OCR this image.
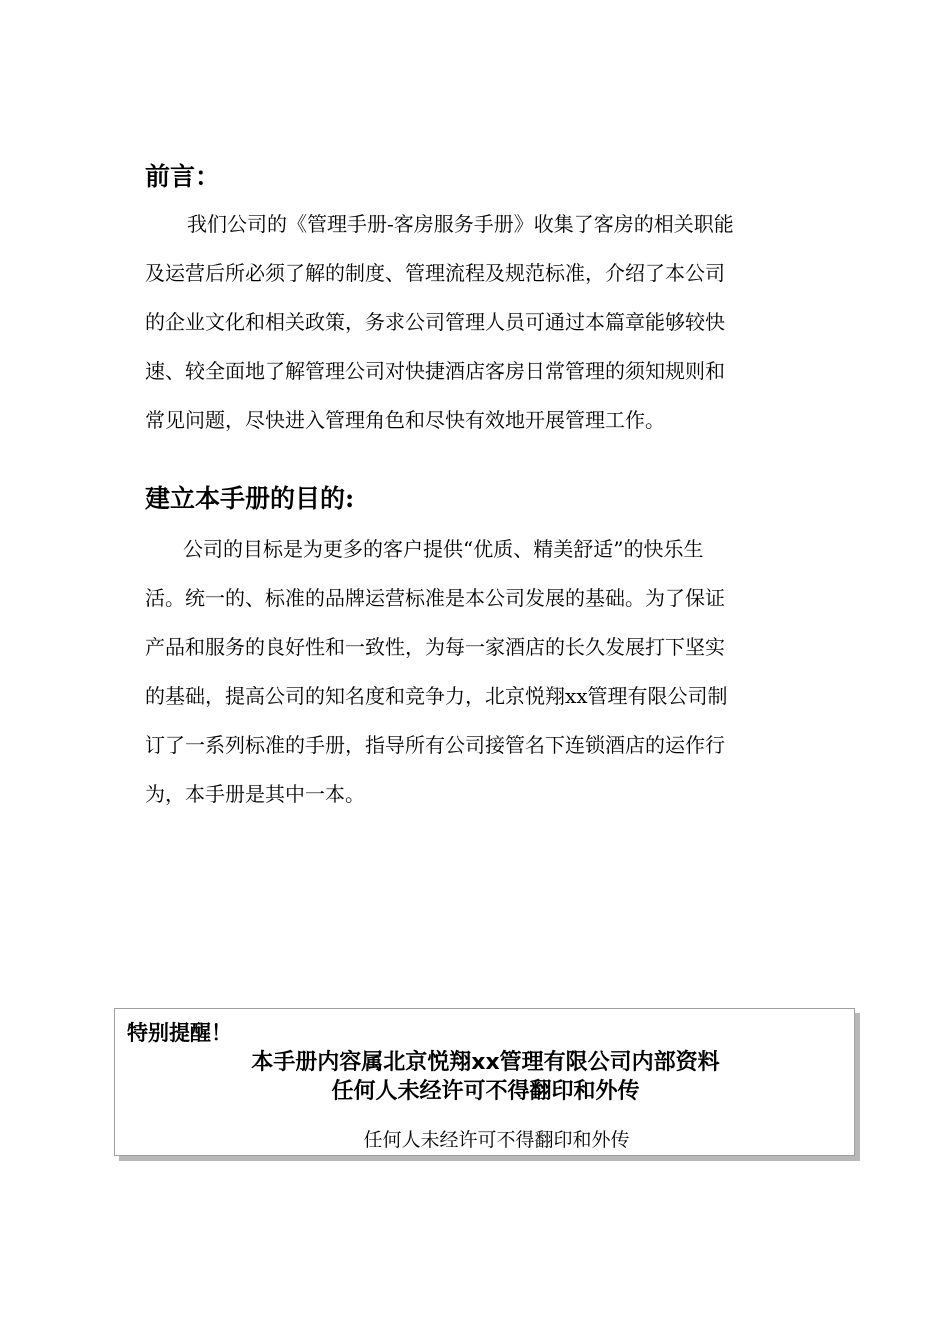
前言：
我们公司的《管理手册-客房服务手册》收集了客房的相关职能
及运营后所必须了解的制度、管理流程及规范标准，介绍了本公司
的企业文化和相关政策，务求公司管理人员可通过本篇章能够较快
速、较全面地了解管理公司对快捷酒店客房日常管理的须知规则和
常见问题，尽快进入管理角色和尽快有效地开展管理工作。
建立本手册的目的:
公司的目标是为更多的客户提供“优质、精美舒适”的快乐生
活。统一的、标准的品牌运营标准是本公司发展的基础。为了保证
产品和服务的良好性和一致性，为每一家酒店的长久发展打下坚实
的基础，提高公司的知名度和竞争力，北京悦翔xx管理有限公司制
订了一系列标准的手册，指导所有公司接管名下连锁酒店的运作行
为，本手册是其中一本。
特别提醒！
本手册内容属北京悦翔xx管理有限公司内部资料
任何人未经许可不得翻印和外传
任何人未经许可不得翻印和外传
